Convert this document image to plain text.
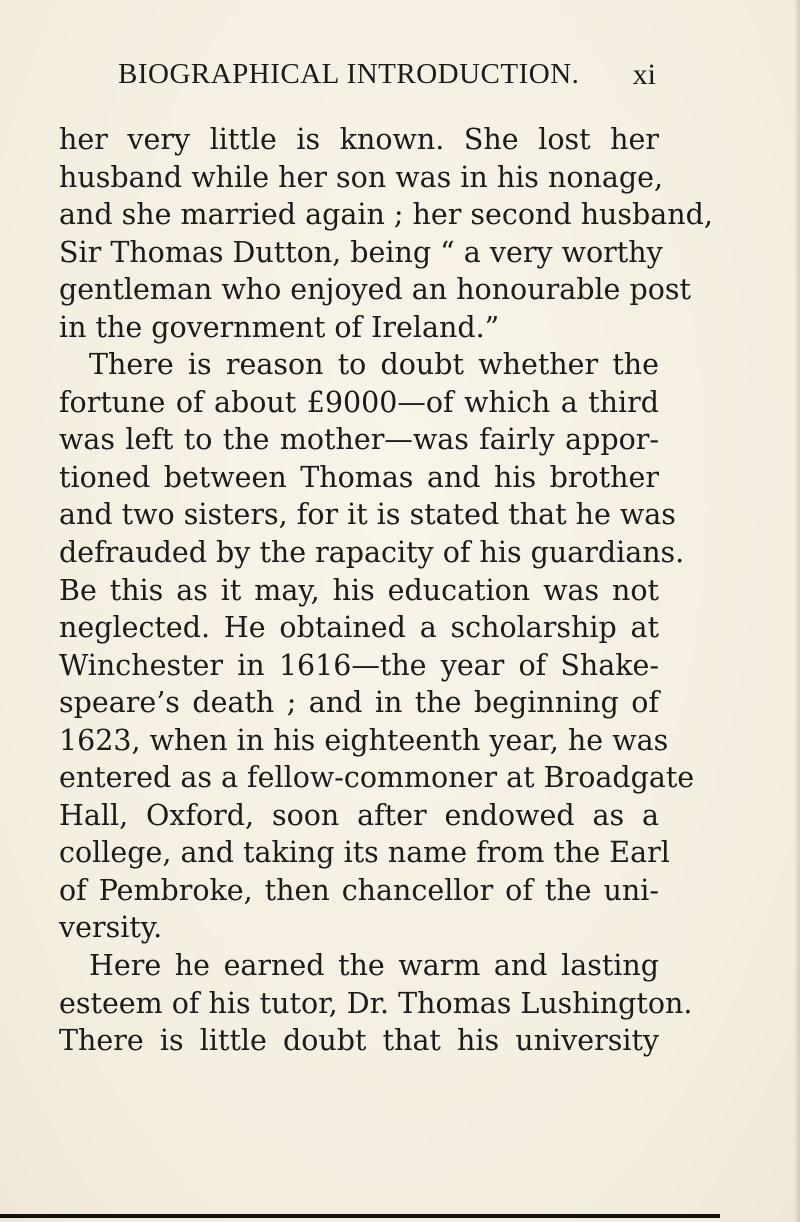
BIOGRAPHICAL INTRODUCTION. xi
her very little is known. She lost her
husband while her son was in his nonage,
and she married again ; her second husband,
Sir Thomas Dutton, being “ a very worthy
gentleman who enjoyed an honourable post
in the government of Ireland.”
There is reason to doubt whether the
fortune of about £9000—of which a third
was left to the mother—was fairly appor-
tioned between Thomas and his brother
and two sisters, for it is stated that he was
defrauded by the rapacity of his guardians.
Be this as it may, his education was not
neglected. He obtained a scholarship at
Winchester in 1616—the year of Shake-
speare’s death ; and in the beginning of
1623, when in his eighteenth year, he was
entered as a fellow-commoner at Broadgate
Hall, Oxford, soon after endowed as a
college, and taking its name from the Earl
of Pembroke, then chancellor of the uni-
versity.
Here he earned the warm and lasting
esteem of his tutor, Dr. Thomas Lushington.
There is little doubt that his university
